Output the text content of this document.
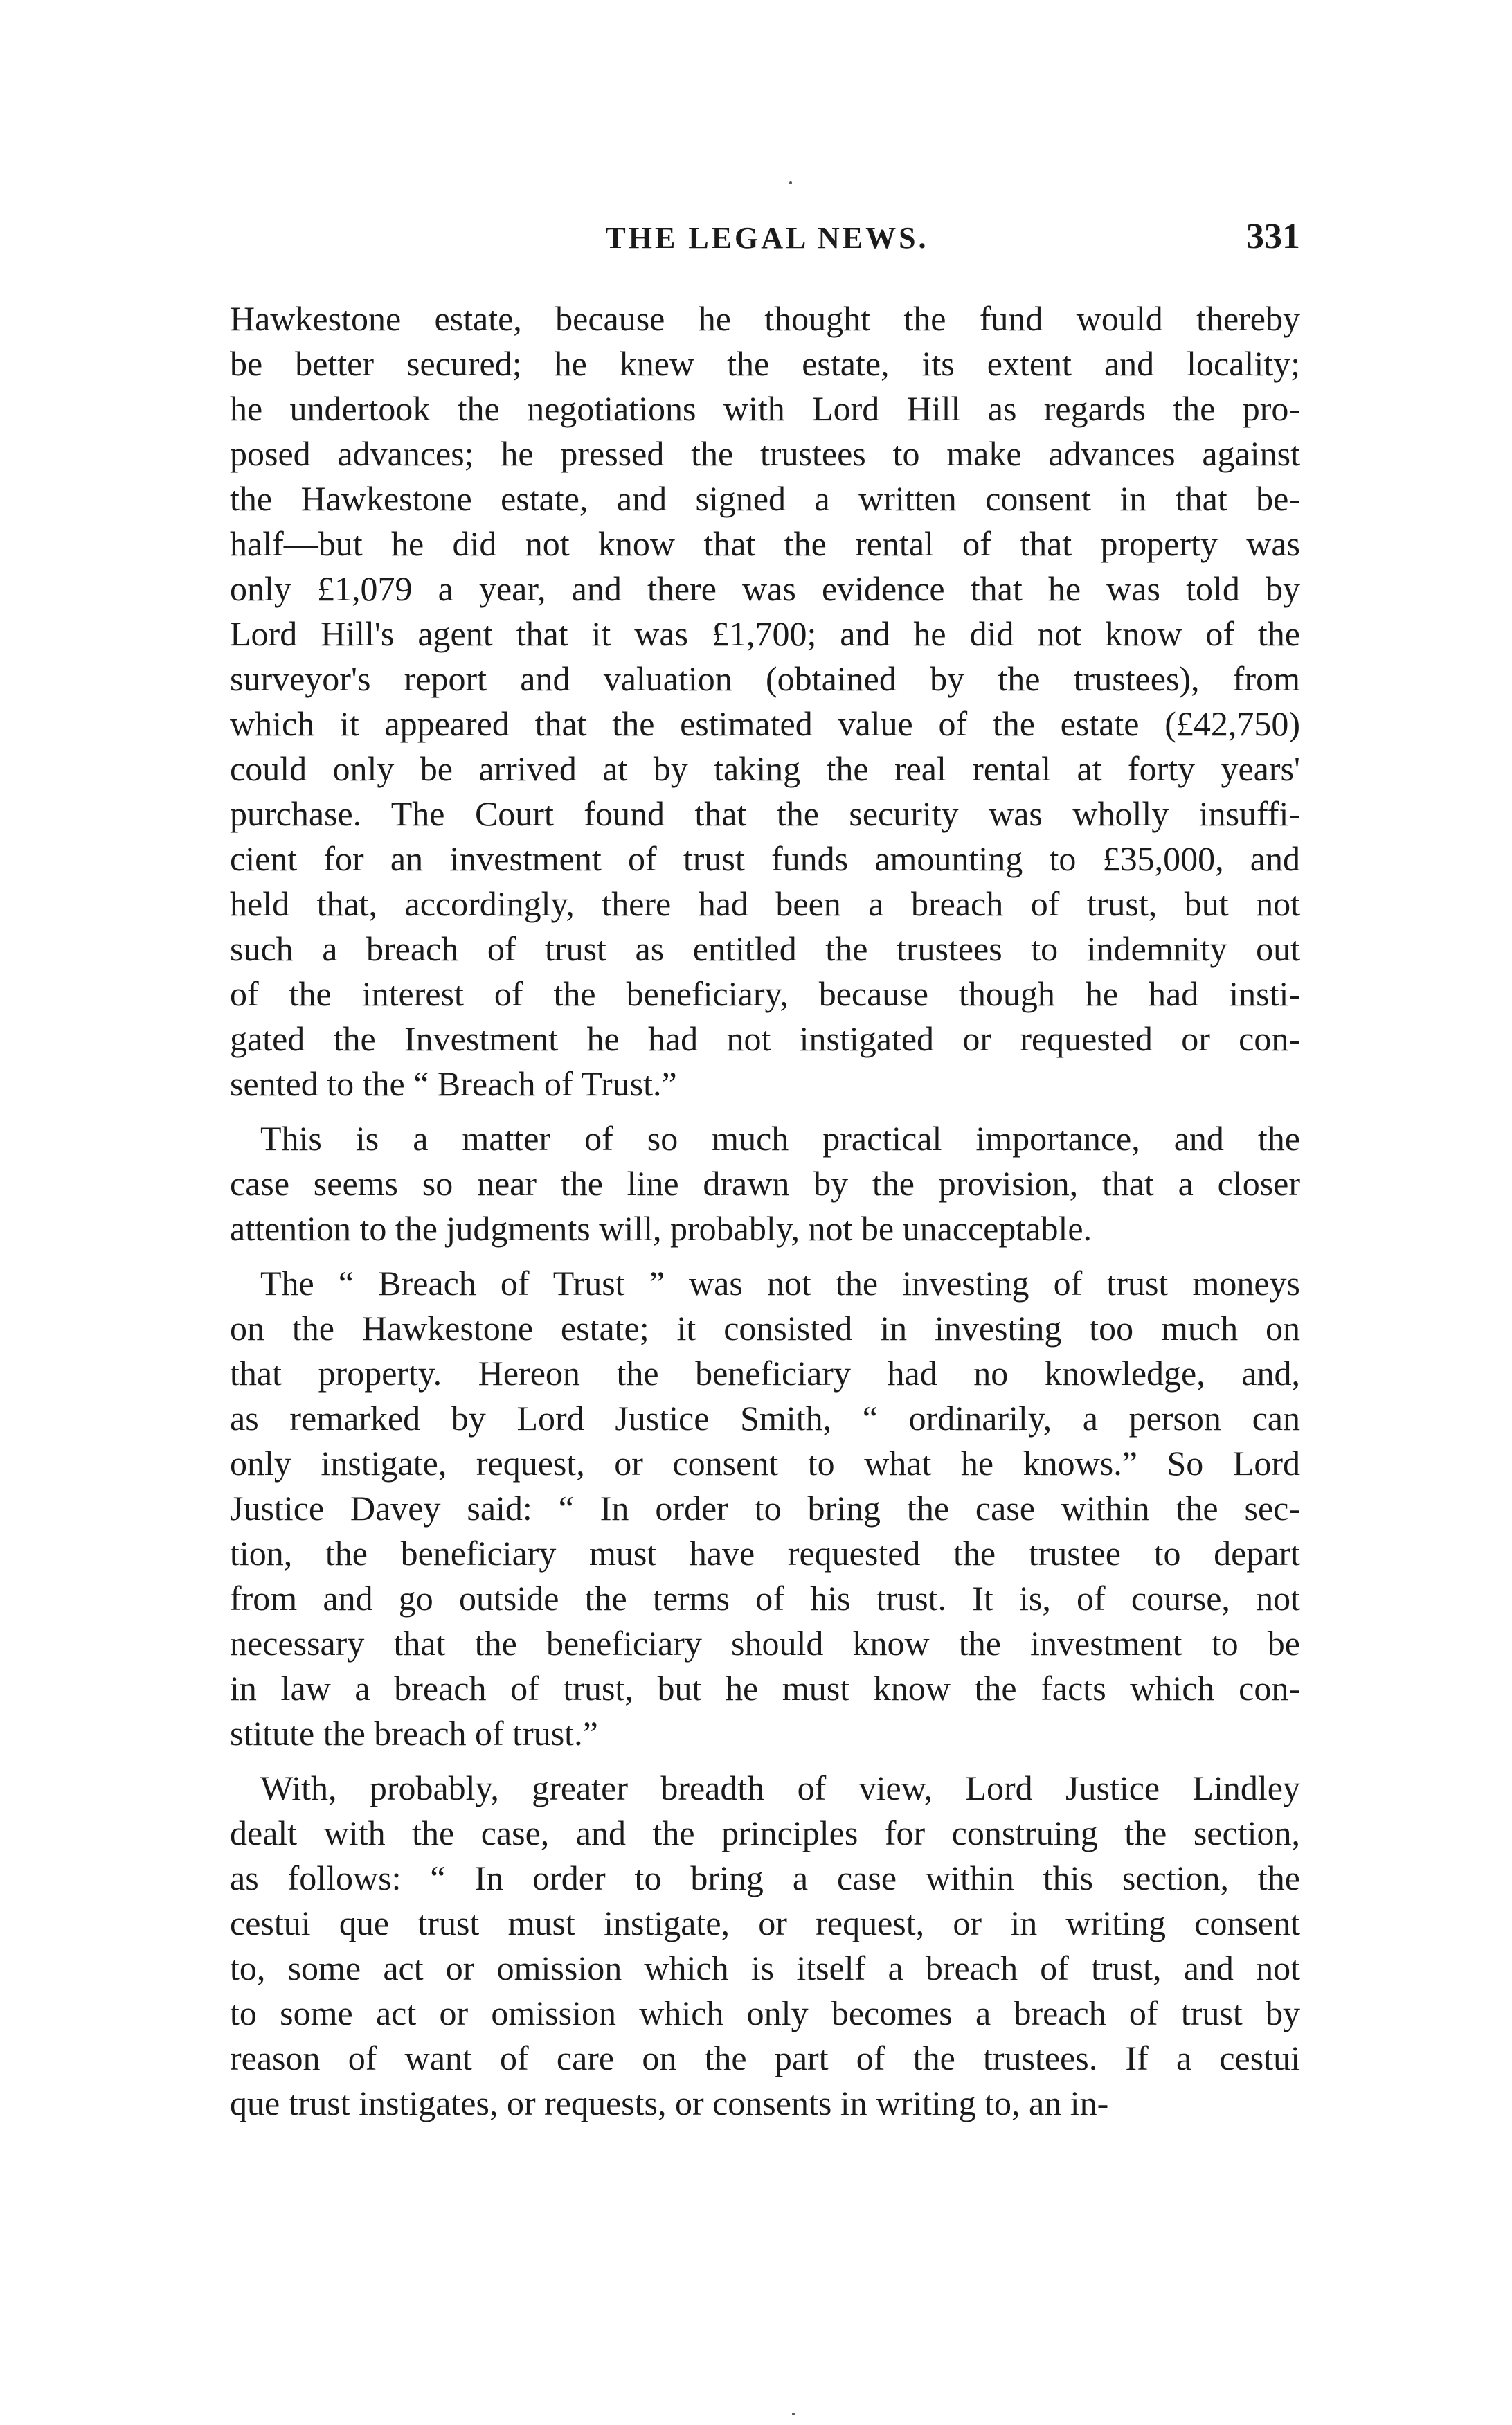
THE LEGAL NEWS.	331
Hawkestone estate, because he thought the fund would thereby
be better secured; he knew the estate, its extent and locality;
he undertook the negotiations with Lord Hill as regards the pro-
posed advances; he pressed the trustees to make advances against
the Hawkestone estate, and signed a written consent in that be-
half—but he did not know that the rental of that property was
only £1,079 a year, and there was evidence that he was told by
Lord Hill's agent that it was £1,700; and he did not know of the
surveyor's report and valuation (obtained by the trustees), from
which it appeared that the estimated value of the estate (£42,750)
could only be arrived at by taking the real rental at forty years'
purchase. The Court found that the security was wholly insuffi-
cient for an investment of trust funds amounting to £35,000, and
held that, accordingly, there had been a breach of trust, but not
such a breach of trust as entitled the trustees to indemnity out
of the interest of the beneficiary, because though he had insti-
gated the Investment he had not instigated or requested or con-
sented to the “ Breach of Trust.”
This is a matter of so much practical importance, and the
case seems so near the line drawn by the provision, that a closer
attention to the judgments will, probably, not be unacceptable.
The “ Breach of Trust ” was not the investing of trust moneys
on the Hawkestone estate; it consisted in investing too much on
that property. Hereon the beneficiary had no knowledge, and,
as remarked by Lord Justice Smith, “ ordinarily, a person can
only instigate, request, or consent to what he knows.” So Lord
Justice Davey said: “ In order to bring the case within the sec-
tion, the beneficiary must have requested the trustee to depart
from and go outside the terms of his trust. It is, of course, not
necessary that the beneficiary should know the investment to be
in law a breach of trust, but he must know the facts which con-
stitute the breach of trust.”
With, probably, greater breadth of view, Lord Justice Lindley
dealt with the case, and the principles for construing the section,
as follows: “ In order to bring a case within this section, the
cestui que trust must instigate, or request, or in writing consent
to, some act or omission which is itself a breach of trust, and not
to some act or omission which only becomes a breach of trust by
reason of want of care on the part of the trustees. If a cestui
que trust instigates, or requests, or consents in writing to, an in-
